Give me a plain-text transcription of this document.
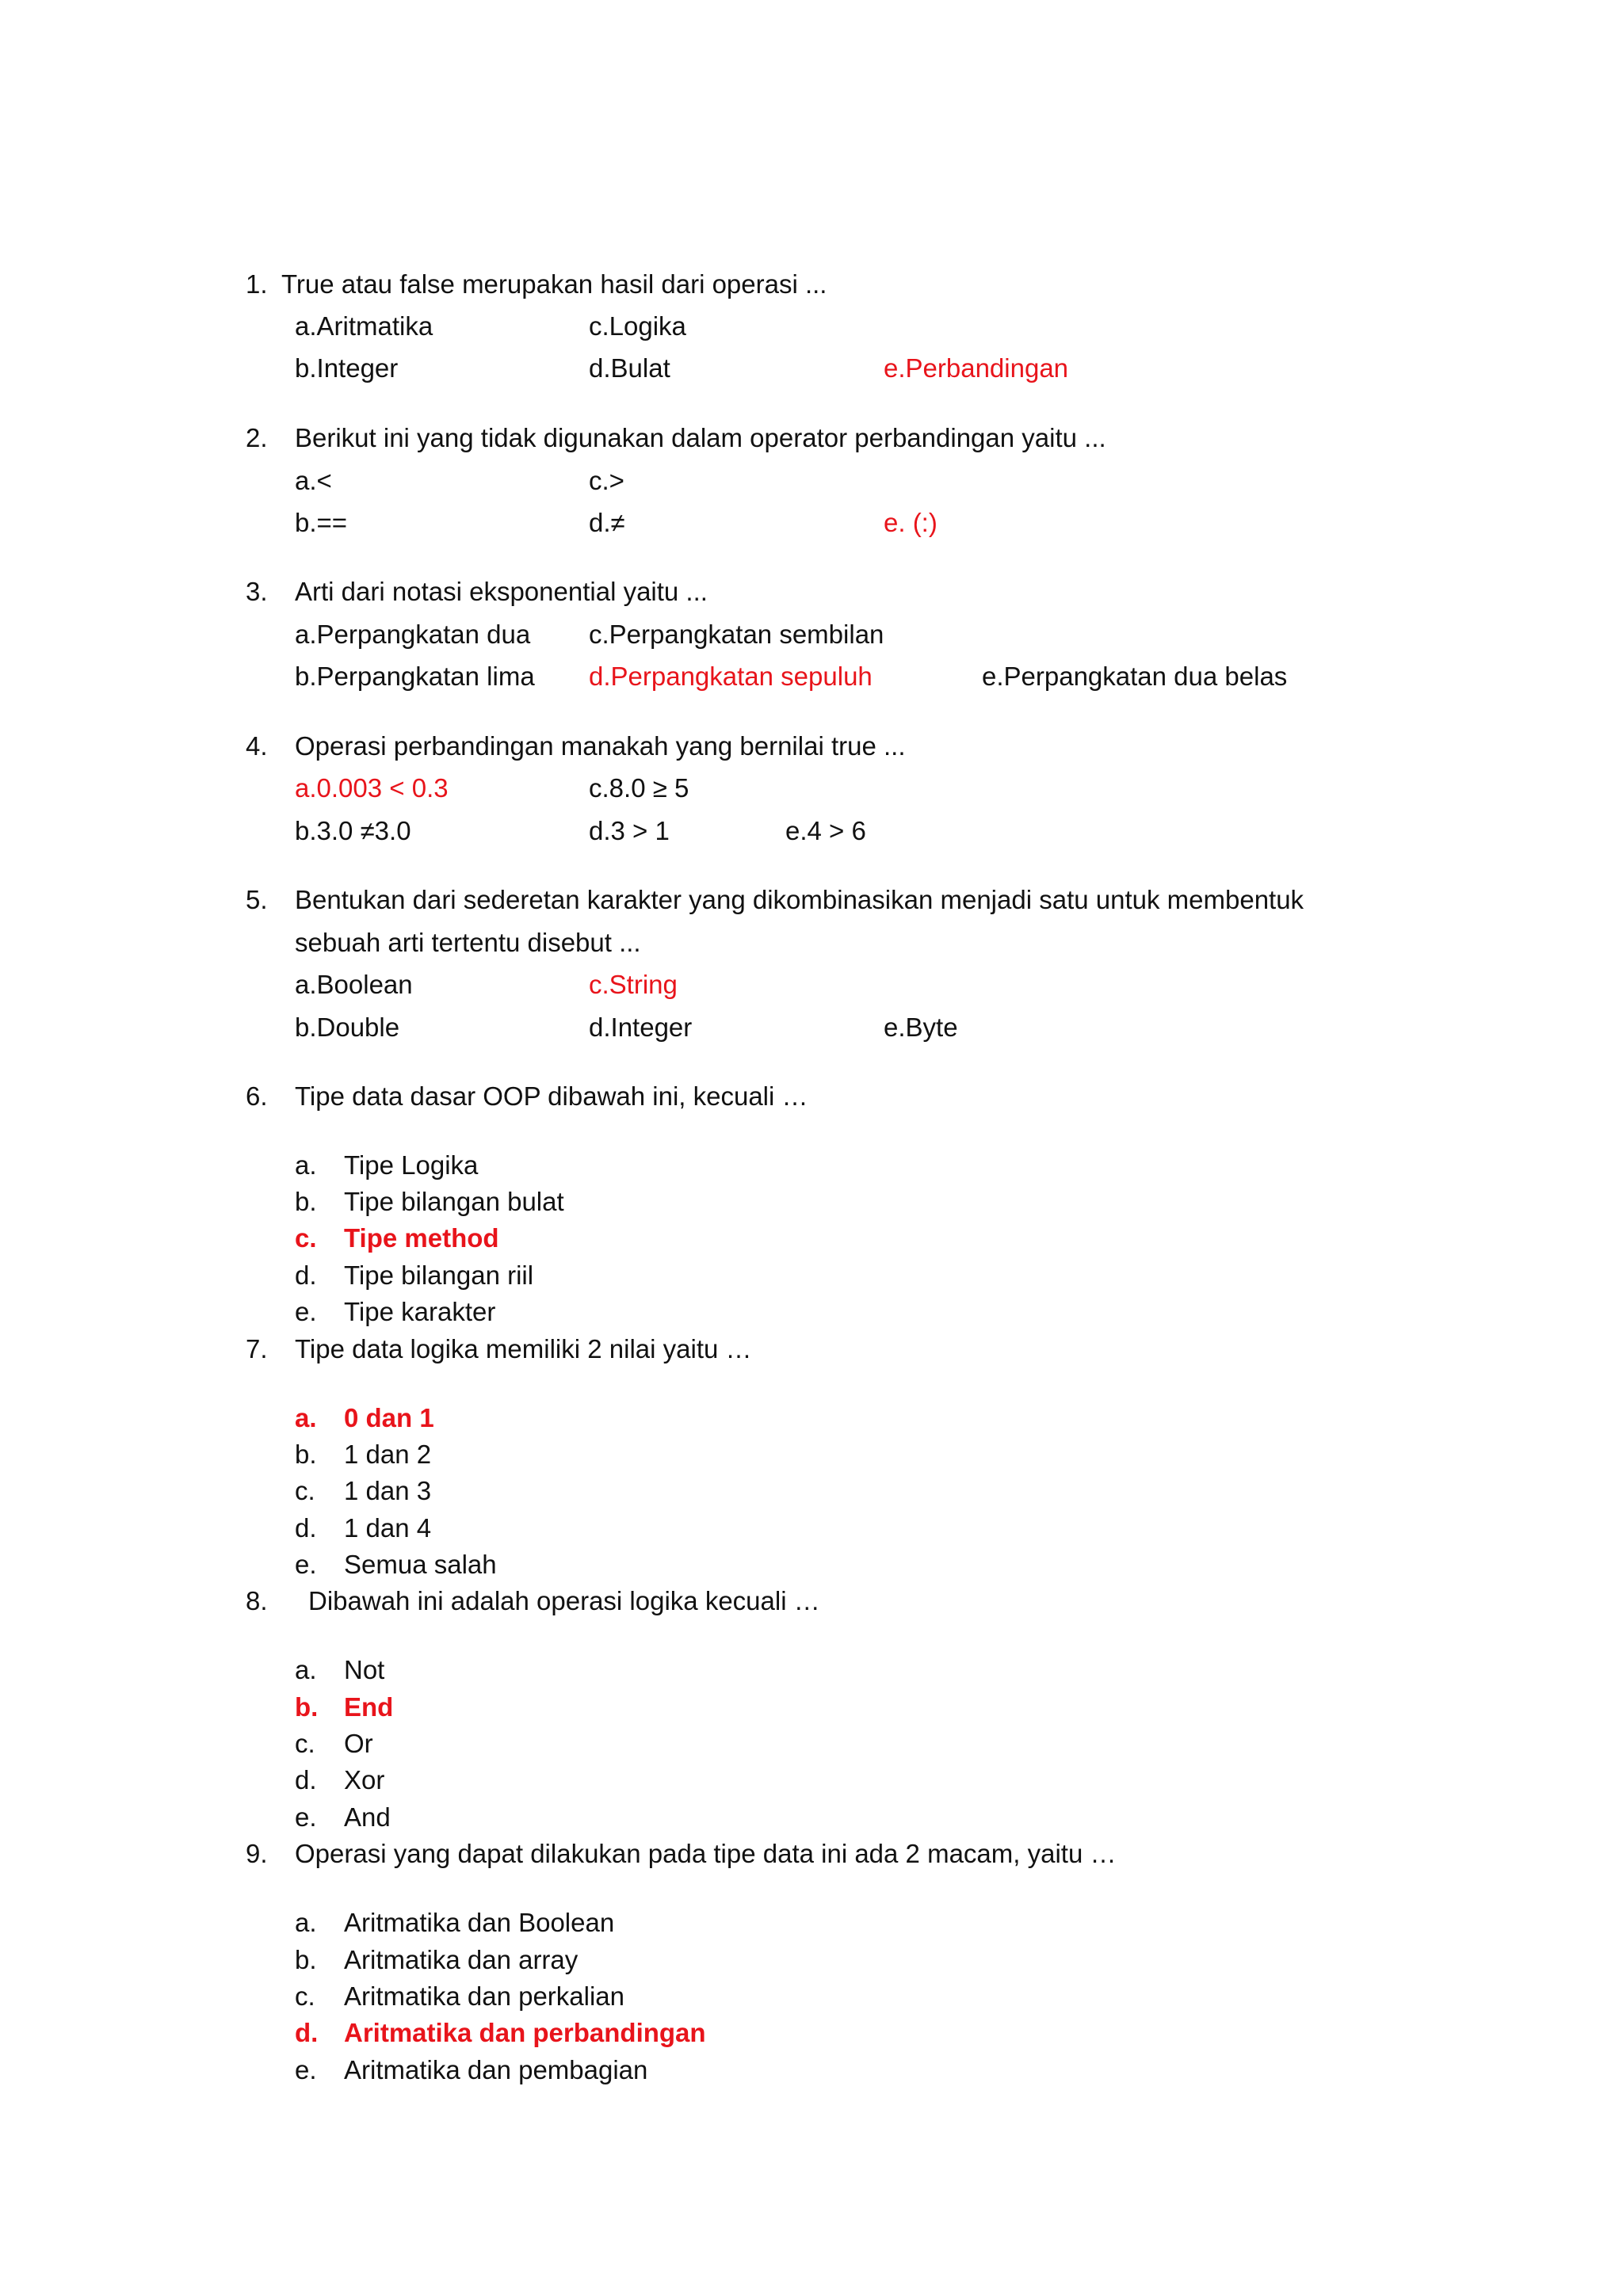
1. True atau false merupakan hasil dari operasi ...
a.Aritmatika	c.Logika
b.Integer	d.Bulat	e.Perbandingan
2. Berikut ini yang tidak digunakan dalam operator perbandingan yaitu ...
a.<	c.>
b.==	d.≠	e. (:)
3. Arti dari notasi eksponential yaitu ...
a.Perpangkatan dua c.Perpangkatan sembilan
b.Perpangkatan lima d.Perpangkatan sepuluh	e.Perpangkatan dua belas
4. Operasi perbandingan manakah yang bernilai true ...
a.0.003 < 0.3	c.8.0 ≥ 5
b.3.0 ≠3.0	d.3 > 1	e.4 > 6
5. Bentukan dari sederetan karakter yang dikombinasikan menjadi satu untuk membentuk
sebuah arti tertentu disebut ...
a.Boolean	c.String
b.Double	d.Integer	e.Byte
6. Tipe data dasar OOP dibawah ini, kecuali …
a. Tipe Logika
b. Tipe bilangan bulat
c. Tipe method
d. Tipe bilangan riil
e. Tipe karakter
7. Tipe data logika memiliki 2 nilai yaitu …
a. 0 dan 1
b. 1 dan 2
c. 1 dan 3
d. 1 dan 4
e. Semua salah
8. Dibawah ini adalah operasi logika kecuali …
a. Not
b. End
c. Or
d. Xor
e. And
9. Operasi yang dapat dilakukan pada tipe data ini ada 2 macam, yaitu …
a. Aritmatika dan Boolean
b. Aritmatika dan array
c. Aritmatika dan perkalian
d. Aritmatika dan perbandingan
e. Aritmatika dan pembagian
